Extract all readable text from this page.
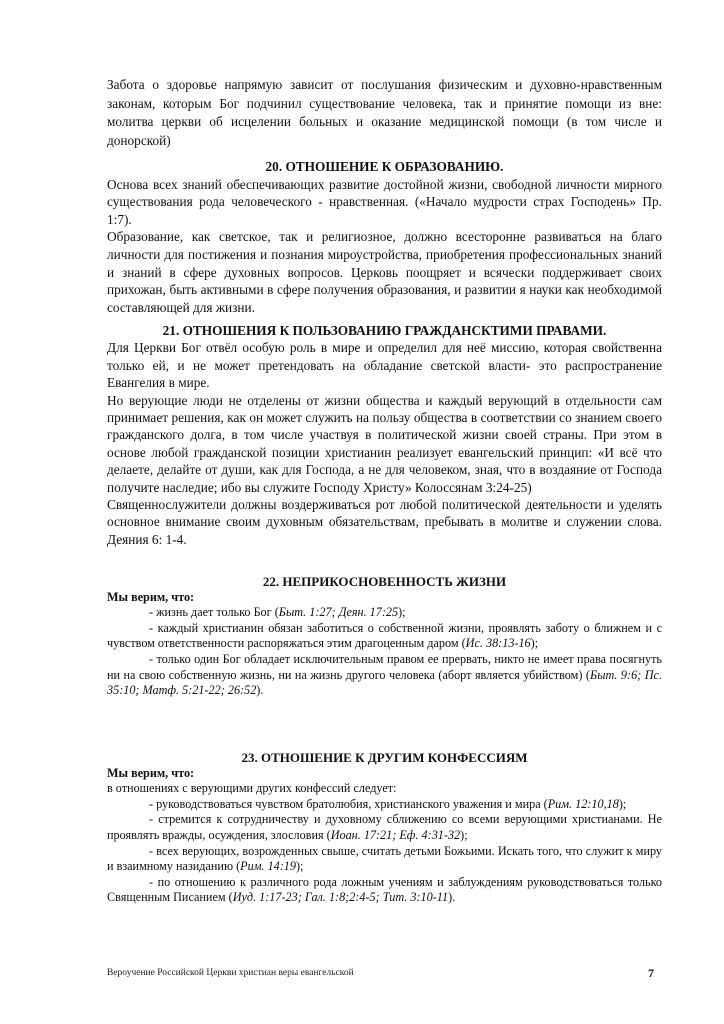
Забота о здоровье напрямую зависит от послушания физическим и духовно-нравственным законам, которым Бог подчинил существование человека, так и принятие помощи из вне: молитва церкви об исцелении больных и оказание медицинской помощи (в том числе и донорской)

20. ОТНОШЕНИЕ К ОБРАЗОВАНИЮ.

Основа всех знаний обеспечивающих развитие достойной жизни, свободной личности мирного существования рода человеческого - нравственная. («Начало мудрости страх Господень» Пр. 1:7).

Образование, как светское, так и религиозное, должно всесторонне развиваться на благо личности для постижения и познания мироустройства, приобретения профессиональных знаний и знаний в сфере духовных вопросов. Церковь поощряет и всячески поддерживает своих прихожан, быть активными в сфере получения образования, и развитии я науки как необходимой составляющей для жизни.

21. ОТНОШЕНИЯ К ПОЛЬЗОВАНИЮ ГРАЖДАНСКТИМИ ПРАВАМИ.

Для Церкви Бог отвёл особую роль в мире и определил для неё миссию, которая свойственна только ей, и не может претендовать на обладание светской власти- это распространение Евангелия в мире.

Но верующие люди не отделены от жизни общества и каждый верующий в отдельности сам принимает решения, как он может служить на пользу общества в соответствии со знанием своего гражданского долга, в том числе участвуя в политической жизни своей страны. При этом в основе любой гражданской позиции христианин реализует евангельский принцип: «И всё что делаете, делайте от души, как для Господа, а не для человеком, зная, что в воздаяние от Господа получите наследие; ибо вы служите Господу Христу» Колоссянам 3:24-25)

Священнослужители должны воздерживаться рот любой политической деятельности и уделять основное внимание своим духовным обязательствам, пребывать в молитве и служении слова. Деяния 6: 1-4.

22. НЕПРИКОСНОВЕННОСТЬ ЖИЗНИ
Мы верим, что:

- жизнь дает только Бог (Быт. 1:27; Деян. 17:25);

- каждый христианин обязан заботиться о собственной жизни, проявлять заботу о ближнем и с чувством ответственности распоряжаться этим драгоценным даром (Ис. 38:13-16);

- только один Бог обладает исключительным правом ее прервать, никто не имеет права посягнуть ни на свою собственную жизнь, ни на жизнь другого человека (аборт является убийством) (Быт. 9:6; Пс. 35:10; Матф. 5:21-22; 26:52).

23. ОТНОШЕНИЕ К ДРУГИМ КОНФЕССИЯМ
Мы верим, что:

в отношениях с верующими других конфессий следует:

- руководствоваться чувством братолюбия, христианского уважения и мира (Рим. 12:10,18);

- стремится к сотрудничеству и духовному сближению со всеми верующими христианами. Не проявлять вражды, осуждения, злословия (Иоан. 17:21; Еф. 4:31-32);

- всех верующих, возрожденных свыше, считать детьми Божьими. Искать того, что служит к миру и взаимному назиданию (Рим. 14:19);

- по отношению к различного рода ложным учениям и заблуждениям руководствоваться только Священным Писанием (Иуд. 1:17-23; Гал. 1:8;2:4-5; Тит. 3:10-11).

Вероучение Российской Церкви христиан веры евангельской	7
